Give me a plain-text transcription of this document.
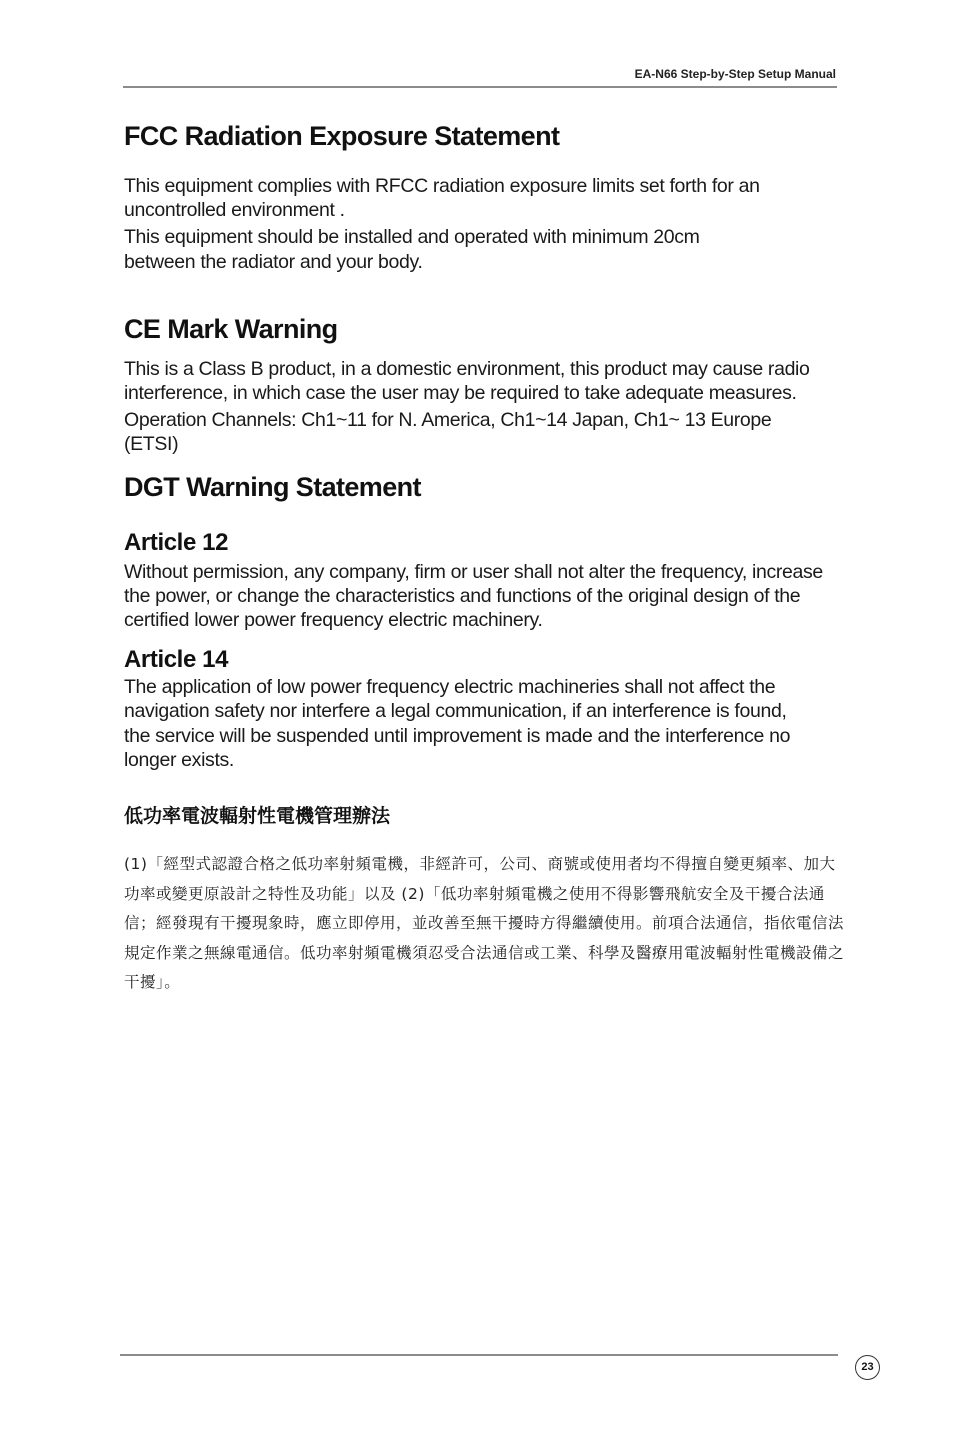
EA-N66 Step-by-Step Setup Manual
FCC Radiation Exposure Statement

This equipment complies with RFCC radiation exposure limits set forth for an uncontrolled environment .

This equipment should be installed and operated with minimum 20cm between the radiator and your body.

CE Mark Warning

This is a Class B product, in a domestic environment, this product may cause radio interference, in which case the user may be required to take adequate measures.

Operation Channels: Ch1~11 for N. America, Ch1~14 Japan, Ch1~ 13 Europe (ETSI)

DGT Warning Statement
Article 12

Without permission, any company, firm or user shall not alter the frequency, increase the power, or change the characteristics and functions of the original design of the certified lower power frequency electric machinery.

Article 14

The application of low power frequency electric machineries shall not affect the navigation safety nor interfere a legal communication, if an interference is found, the service will be suspended until improvement is made and the interference no longer exists.

低功率電波輻射性電機管理辦法
(1)「經型式認證合格之低功率射頻電機，非經許可，公司、商號或使用者均不得擅自變更頻率、加大功率或變更原設計之特性及功能」以及 (2)「低功率射頻電機之使用不得影響飛航安全及干擾合法通信；經發現有干擾現象時，應立即停用，並改善至無干擾時方得繼續使用。前項合法通信，指依電信法規定作業之無線電通信。低功率射頻電機須忍受合法通信或工業、科學及醫療用電波輻射性電機設備之干擾」。
23
